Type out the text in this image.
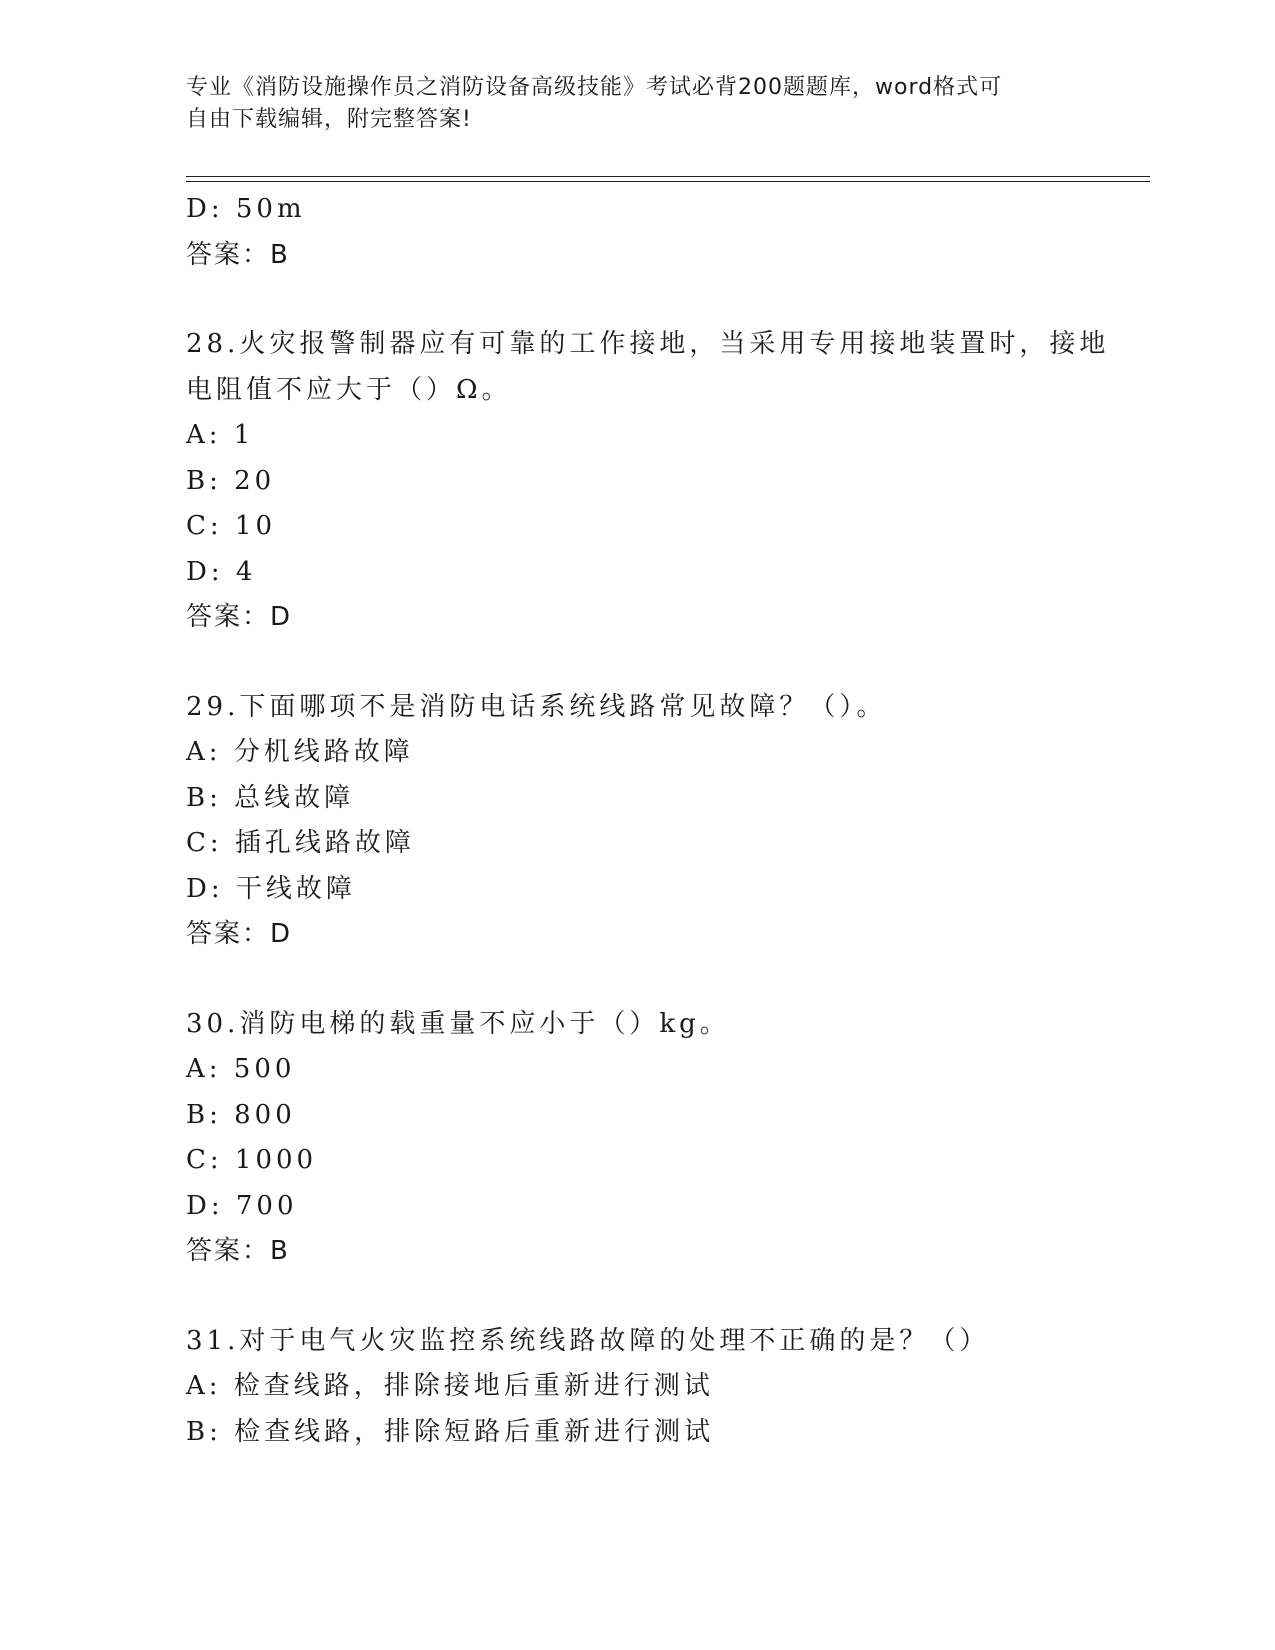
专业《消防设施操作员之消防设备高级技能》考试必背200题题库，word格式可
自由下载编辑，附完整答案!
D: 50m
答案：B
28.火灾报警制器应有可靠的工作接地，当采用专用接地装置时，接地
电阻值不应大于（）Ω。
A: 1
B: 20
C: 10
D: 4
答案：D
29.下面哪项不是消防电话系统线路常见故障？（）。
A: 分机线路故障
B: 总线故障
C: 插孔线路故障
D: 干线故障
答案：D
30.消防电梯的载重量不应小于（）kg。
A: 500
B: 800
C: 1000
D: 700
答案：B
31.对于电气火灾监控系统线路故障的处理不正确的是？（）
A: 检查线路，排除接地后重新进行测试
B: 检查线路，排除短路后重新进行测试
